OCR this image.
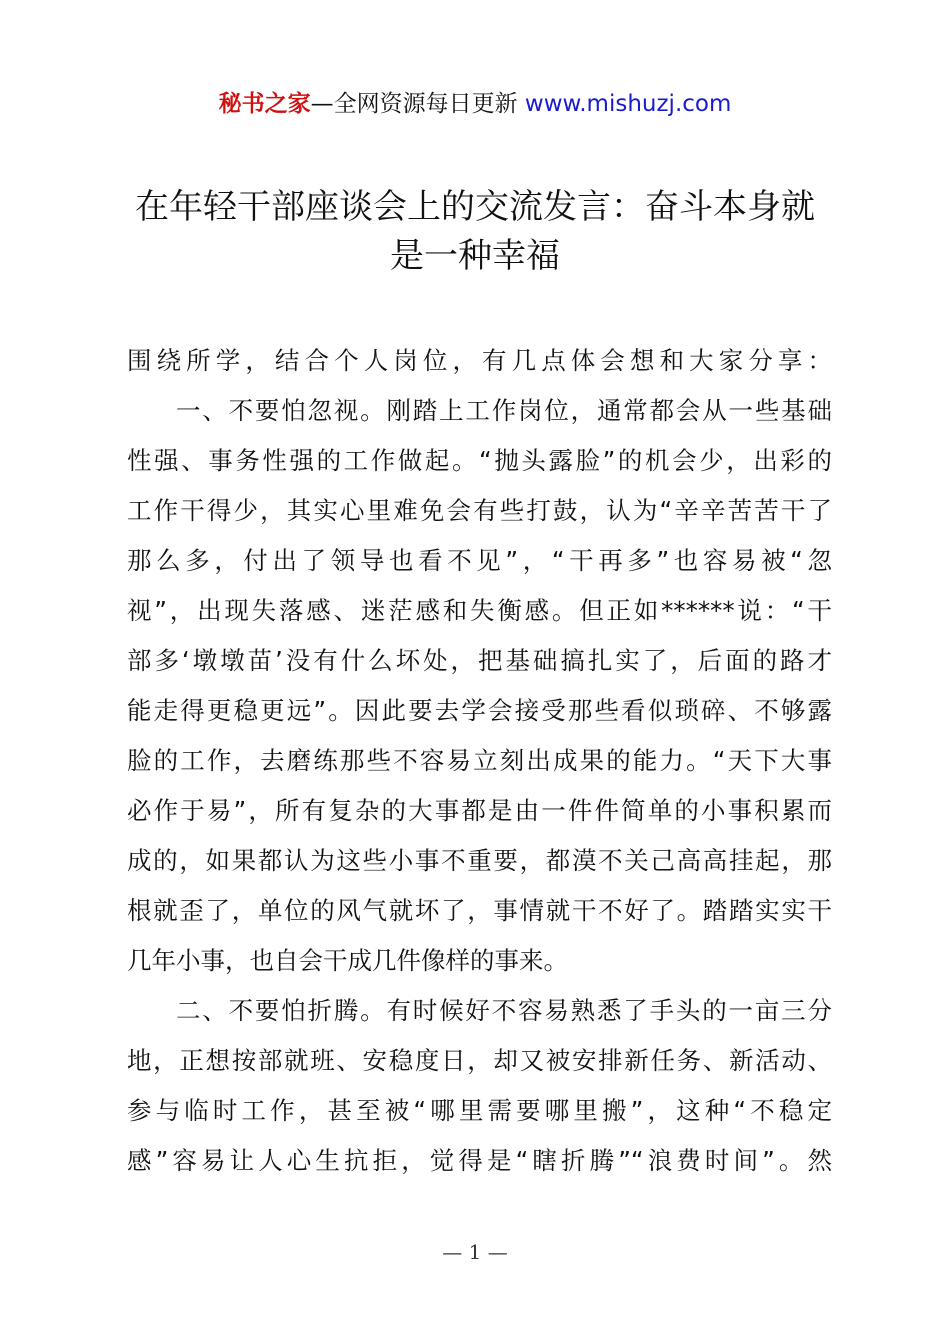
秘书之家—全网资源每日更新 www.mishuzj.com
在年轻干部座谈会上的交流发言：奋斗本身就
是一种幸福
围绕所学，结合个人岗位，有几点体会想和大家分享：
一、不要怕忽视。刚踏上工作岗位，通常都会从一些基础
性强、事务性强的工作做起。“抛头露脸”的机会少，出彩的
工作干得少，其实心里难免会有些打鼓，认为“辛辛苦苦干了
那么多，付出了领导也看不见”，“干再多”也容易被“忽
视”，出现失落感、迷茫感和失衡感。但正如******说：“干
部多‘墩墩苗’没有什么坏处，把基础搞扎实了，后面的路才
能走得更稳更远”。因此要去学会接受那些看似琐碎、不够露
脸的工作，去磨练那些不容易立刻出成果的能力。“天下大事
必作于易”，所有复杂的大事都是由一件件简单的小事积累而
成的，如果都认为这些小事不重要，都漠不关己高高挂起，那
根就歪了，单位的风气就坏了，事情就干不好了。踏踏实实干
几年小事，也自会干成几件像样的事来。
二、不要怕折腾。有时候好不容易熟悉了手头的一亩三分
地，正想按部就班、安稳度日，却又被安排新任务、新活动、
参与临时工作，甚至被“哪里需要哪里搬”，这种“不稳定
感”容易让人心生抗拒，觉得是“瞎折腾”“浪费时间”。然
— 1 —
